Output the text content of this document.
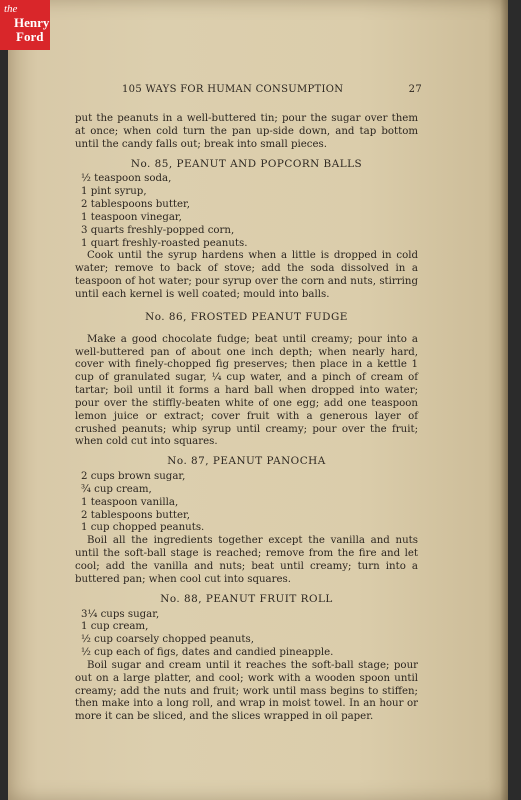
the
Henry
Ford
105 WAYS FOR HUMAN CONSUMPTION	27

put the peanuts in a well-buttered tin; pour the sugar over them at once; when cold turn the pan up-side down, and tap bottom until the candy falls out; break into small pieces.

No. 85, PEANUT AND POPCORN BALLS
½ teaspoon soda,
1 pint syrup,
2 tablespoons butter,
1 teaspoon vinegar,
3 quarts freshly-popped corn,
1 quart freshly-roasted peanuts.

Cook until the syrup hardens when a little is dropped in cold water; remove to back of stove; add the soda dissolved in a teaspoon of hot water; pour syrup over the corn and nuts, stirring until each kernel is well coated; mould into balls.

No. 86, FROSTED PEANUT FUDGE

Make a good chocolate fudge; beat until creamy; pour into a well-buttered pan of about one inch depth; when nearly hard, cover with finely-chopped fig preserves; then place in a kettle 1 cup of granulated sugar, ¼ cup water, and a pinch of cream of tartar; boil until it forms a hard ball when dropped into water; pour over the stiffly-beaten white of one egg; add one teaspoon lemon juice or extract; cover fruit with a generous layer of crushed peanuts; whip syrup until creamy; pour over the fruit; when cold cut into squares.

No. 87, PEANUT PANOCHA
2 cups brown sugar,
¾ cup cream,
1 teaspoon vanilla,
2 tablespoons butter,
1 cup chopped peanuts.

Boil all the ingredients together except the vanilla and nuts until the soft-ball stage is reached; remove from the fire and let cool; add the vanilla and nuts; beat until creamy; turn into a buttered pan; when cool cut into squares.

No. 88, PEANUT FRUIT ROLL
3¼ cups sugar,
1 cup cream,
½ cup coarsely chopped peanuts,
½ cup each of figs, dates and candied pineapple.

Boil sugar and cream until it reaches the soft-ball stage; pour out on a large platter, and cool; work with a wooden spoon until creamy; add the nuts and fruit; work until mass begins to stiffen; then make into a long roll, and wrap in moist towel. In an hour or more it can be sliced, and the slices wrapped in oil paper.
